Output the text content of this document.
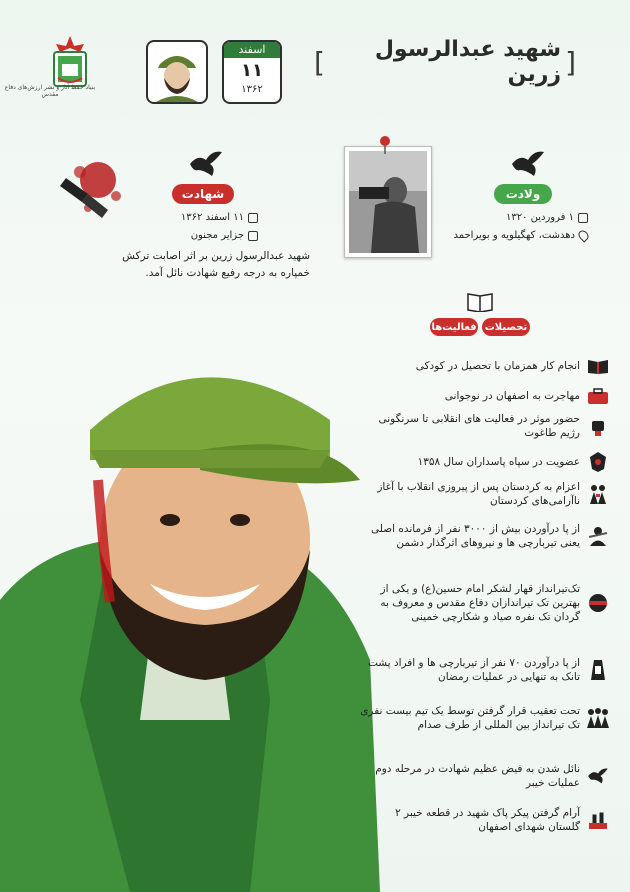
[
شهید عبدالرسول زرین
]
اسفند
۱۱
۱۳۶۲
بنیاد حفظ آثار و نشر ارزش‌های دفاع مقدس
ولادت
۱ فروردین ۱۳۲۰
دهدشت، کهگیلویه و بویراحمد
شهادت
۱۱ اسفند ۱۳۶۲
جزایر مجنون
شهید عبدالرسول زرین بر اثر اصابت ترکش خمپاره به درجه رفیع شهادت نائل آمد.
تحصیلات
فعالیت‌ها
انجام کار همزمان با تحصیل در کودکی
مهاجرت به اصفهان در نوجوانی
حضور موثر در فعالیت های انقلابی تا سرنگونی رژیم طاغوت
عضویت در سپاه پاسداران سال ۱۳۵۸
اعزام به کردستان پس از پیروزی انقلاب با آغاز ناآرامی‌های کردستان
از پا درآوردن بیش از ۳۰۰۰ نفر از فرمانده اصلی یعنی تیربارچی ها و نیروهای اثرگذار دشمن
تک‌تیرانداز قهار لشکر امام حسین(ع) و یکی از بهترین تک تیراندازان دفاع مقدس و معروف به گردان تک نفره صیاد و شکارچی خمینی
از پا درآوردن ۷۰ نفر از تیربارچی ها و افراد پشت تانک به تنهایی در عملیات رمضان
تحت تعقیب قرار گرفتن توسط یک تیم بیست نفری تک تیرانداز بین المللی از طرف صدام
نائل شدن به فیض عظیم شهادت در مرحله دوم عملیات خیبر
آرام گرفتن پیکر پاک شهید در قطعه خیبر ۲ گلستان شهدای اصفهان
